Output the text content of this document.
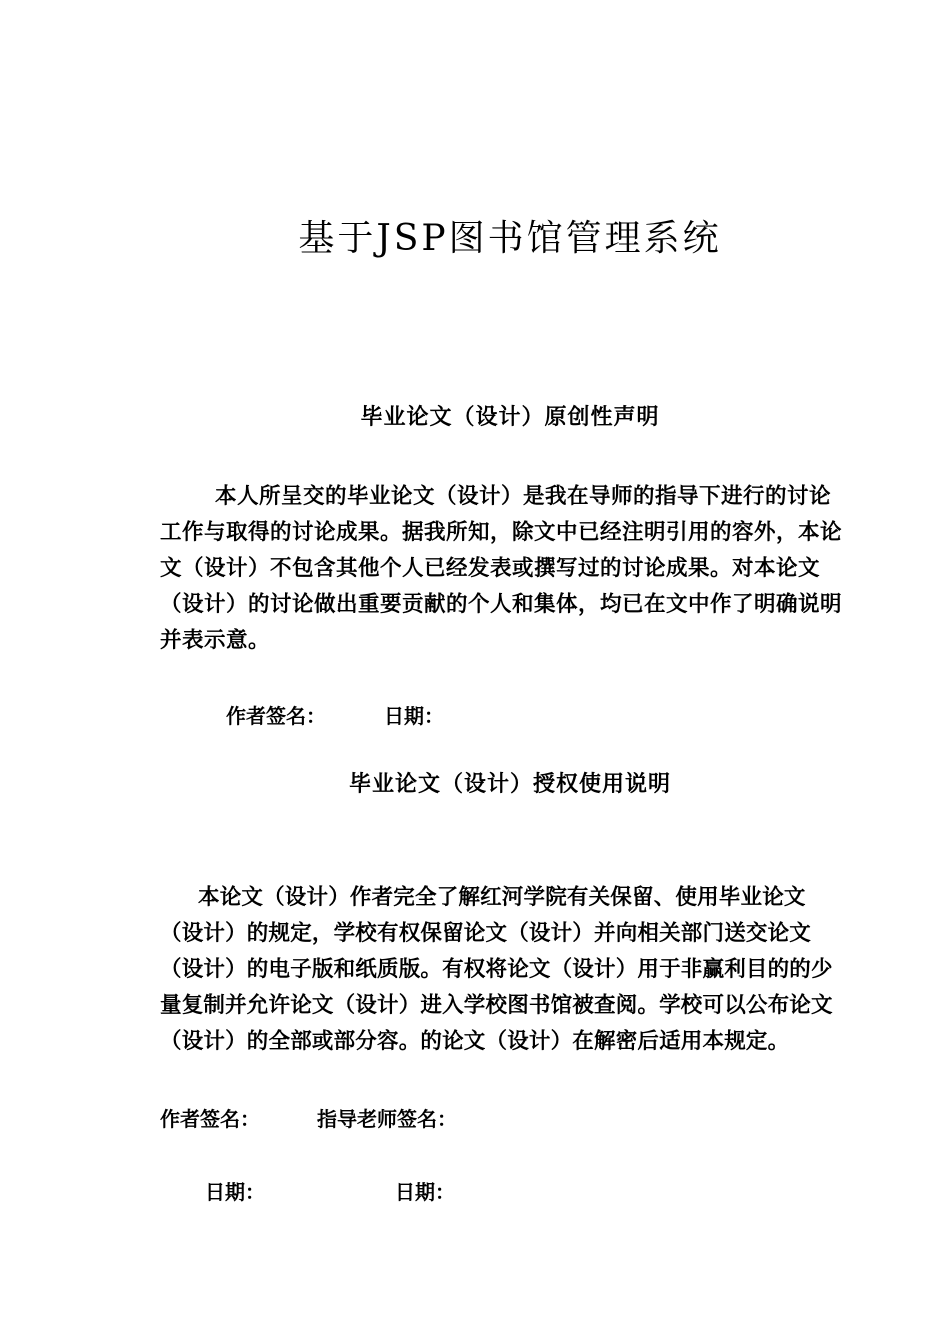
基于JSP图书馆管理系统
毕业论文（设计）原创性声明
本人所呈交的毕业论文（设计）是我在导师的指导下进行的讨论
工作与取得的讨论成果。据我所知，除文中已经注明引用的容外，本论
文（设计）不包含其他个人已经发表或撰写过的讨论成果。对本论文
（设计）的讨论做出重要贡献的个人和集体，均已在文中作了明确说明
并表示意。
作者签名：	日期：
毕业论文（设计）授权使用说明
本论文（设计）作者完全了解红河学院有关保留、使用毕业论文
（设计）的规定，学校有权保留论文（设计）并向相关部门送交论文
（设计）的电子版和纸质版。有权将论文（设计）用于非赢利目的的少
量复制并允许论文（设计）进入学校图书馆被查阅。学校可以公布论文
（设计）的全部或部分容。的论文（设计）在解密后适用本规定。
作者签名：	指导老师签名：
日期：	日期：
